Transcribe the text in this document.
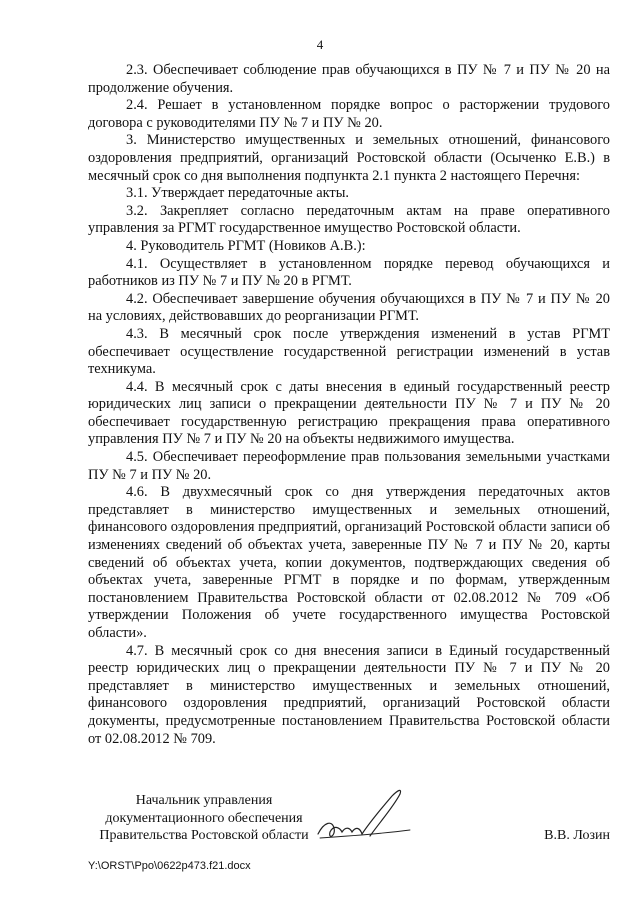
4

2.3. Обеспечивает соблюдение прав обучающихся в ПУ № 7 и ПУ № 20 на продолжение обучения.

2.4. Решает в установленном порядке вопрос о расторжении трудового договора с руководителями ПУ № 7 и ПУ № 20.

3. Министерство имущественных и земельных отношений, финансового оздоровления предприятий, организаций Ростовской области (Осыченко Е.В.) в месячный срок со дня выполнения подпункта 2.1 пункта 2 настоящего Перечня:

3.1. Утверждает передаточные акты.

3.2. Закрепляет согласно передаточным актам на праве оперативного управления за РГМТ государственное имущество Ростовской области.

4. Руководитель РГМТ (Новиков А.В.):

4.1. Осуществляет в установленном порядке перевод обучающихся и работников из ПУ № 7 и ПУ № 20 в РГМТ.

4.2. Обеспечивает завершение обучения обучающихся в ПУ № 7 и ПУ № 20 на условиях, действовавших до реорганизации РГМТ.

4.3. В месячный срок после утверждения изменений в устав РГМТ обеспечивает осуществление государственной регистрации изменений в устав техникума.

4.4. В месячный срок с даты внесения в единый государственный реестр юридических лиц записи о прекращении деятельности ПУ № 7 и ПУ № 20 обеспечивает государственную регистрацию прекращения права оперативного управления ПУ № 7 и ПУ № 20 на объекты недвижимого имущества.

4.5. Обеспечивает переоформление прав пользования земельными участками ПУ № 7 и ПУ № 20.

4.6. В двухмесячный срок со дня утверждения передаточных актов представляет в министерство имущественных и земельных отношений, финансового оздоровления предприятий, организаций Ростовской области записи об изменениях сведений об объектах учета, заверенные ПУ № 7 и ПУ № 20, карты сведений об объектах учета, копии документов, подтверждающих сведения об объектах учета, заверенные РГМТ в порядке и по формам, утвержденным постановлением Правительства Ростовской области от 02.08.2012 № 709 «Об утверждении Положения об учете государственного имущества Ростовской области».

4.7. В месячный срок со дня внесения записи в Единый государственный реестр юридических лиц о прекращении деятельности ПУ № 7 и ПУ № 20 представляет в министерство имущественных и земельных отношений, финансового оздоровления предприятий, организаций Ростовской области документы, предусмотренные постановлением Правительства Ростовской области от 02.08.2012 № 709.

Начальник управления
документационного обеспечения
Правительства Ростовской области	В.В. Лозин
Y:\ORST\Ppo\0622p473.f21.docx
